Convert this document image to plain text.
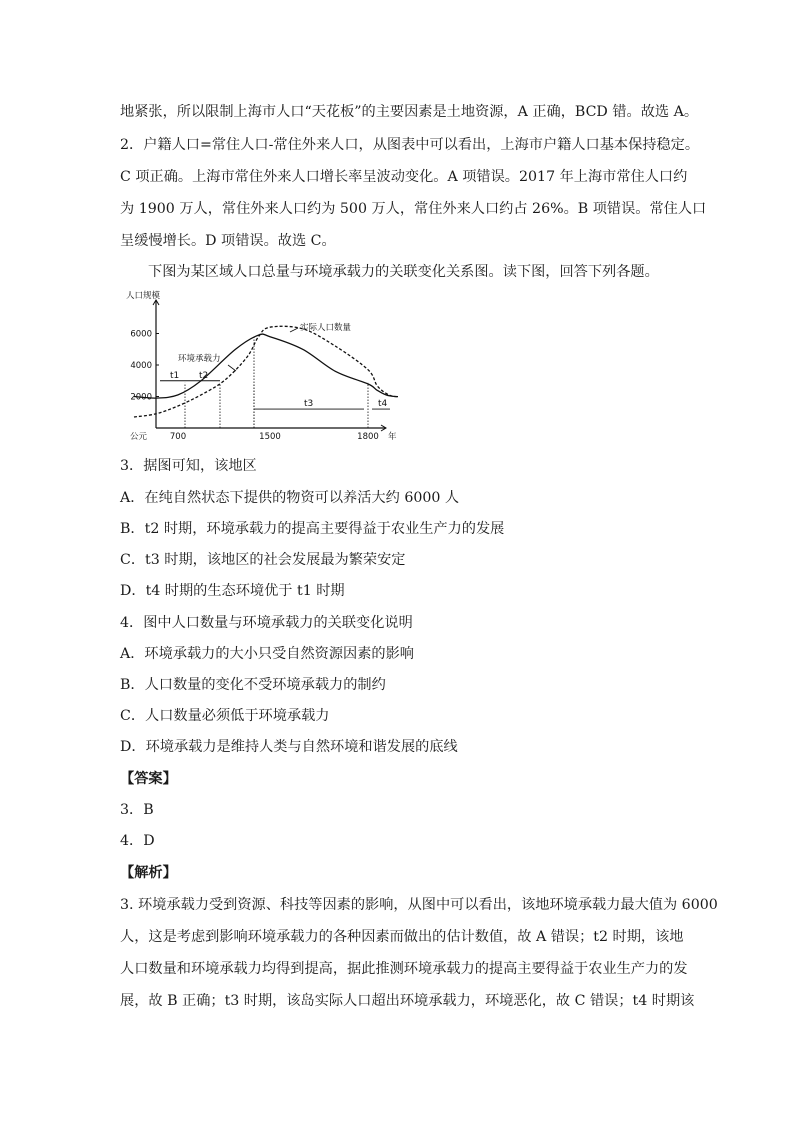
地紧张，所以限制上海市人口“天花板”的主要因素是土地资源，A 正确，BCD 错。故选 A。
2．户籍人口=常住人口-常住外来人口，从图表中可以看出，上海市户籍人口基本保持稳定。
C 项正确。上海市常住外来人口增长率呈波动变化。A 项错误。2017 年上海市常住人口约
为 1900 万人，常住外来人口约为 500 万人，常住外来人口约占 26%。B 项错误。常住人口
呈缓慢增长。D 项错误。故选 C。
下图为某区域人口总量与环境承载力的关联变化关系图。读下图，回答下列各题。
2000
4000
6000
700	1500	1800
公元	年
人口规模
环境承载力
实际人口数量
t1 t2
t3	t4
3．据图可知，该地区
A．在纯自然状态下提供的物资可以养活大约 6000 人
B．t2 时期，环境承载力的提高主要得益于农业生产力的发展
C．t3 时期，该地区的社会发展最为繁荣安定
D．t4 时期的生态环境优于 t1 时期
4．图中人口数量与环境承载力的关联变化说明
A．环境承载力的大小只受自然资源因素的影响
B．人口数量的变化不受环境承载力的制约
C．人口数量必须低于环境承载力
D．环境承载力是维持人类与自然环境和谐发展的底线
【答案】
3．B
4．D
【解析】
3. 环境承载力受到资源、科技等因素的影响，从图中可以看出，该地环境承载力最大值为 6000
人，这是考虑到影响环境承载力的各种因素而做出的估计数值，故 A 错误；t2 时期，该地
人口数量和环境承载力均得到提高，据此推测环境承载力的提高主要得益于农业生产力的发
展，故 B 正确；t3 时期，该岛实际人口超出环境承载力，环境恶化，故 C 错误；t4 时期该
